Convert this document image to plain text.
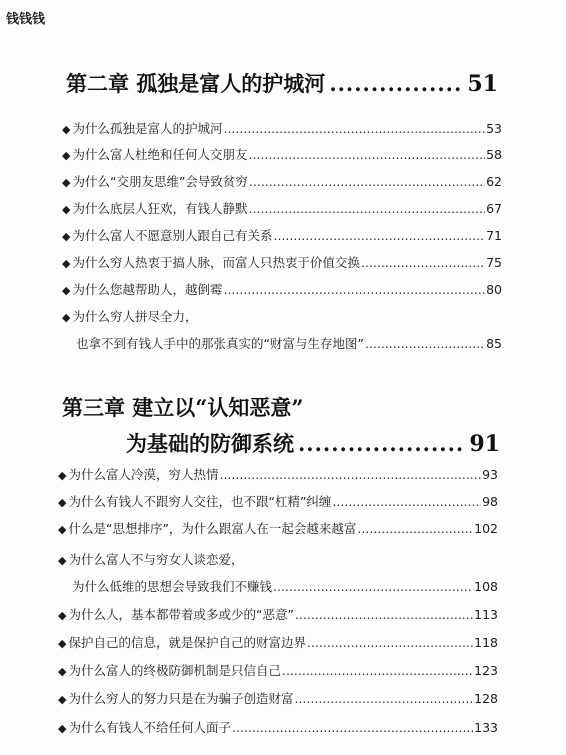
钱钱钱
第二章 孤独是富人的护城河 .....	51
◆ 为什么孤独是富人的护城河 .....	53
◆ 为什么富人杜绝和任何人交朋友 .....	58
◆ 为什么“交朋友思维”会导致贫穷 .....	62
◆ 为什么底层人狂欢，有钱人静默 .....	67
◆ 为什么富人不愿意别人跟自己有关系 .....	71
◆ 为什么穷人热衷于搞人脉，而富人只热衷于价值交换 .....	75
◆ 为什么您越帮助人，越倒霉 .....	80
◆ 为什么穷人拼尽全力，
也拿不到有钱人手中的那张真实的“财富与生存地图” .....	85
第三章 建立以“认知恶意”
为基础的防御系统 .....	91
◆ 为什么富人冷漠，穷人热情 .....	93
◆ 为什么有钱人不跟穷人交往，也不跟“杠精”纠缠 .....	98
◆ 什么是“思想排序”，为什么跟富人在一起会越来越富 .....	102
◆ 为什么富人不与穷女人谈恋爱，
为什么低维的思想会导致我们不赚钱 .....	108
◆ 为什么人，基本都带着或多或少的“恶意” .....	113
◆ 保护自己的信息，就是保护自己的财富边界 .....	118
◆ 为什么富人的终极防御机制是只信自己 .....	123
◆ 为什么穷人的努力只是在为骗子创造财富 .....	128
◆ 为什么有钱人不给任何人面子 .....	133
